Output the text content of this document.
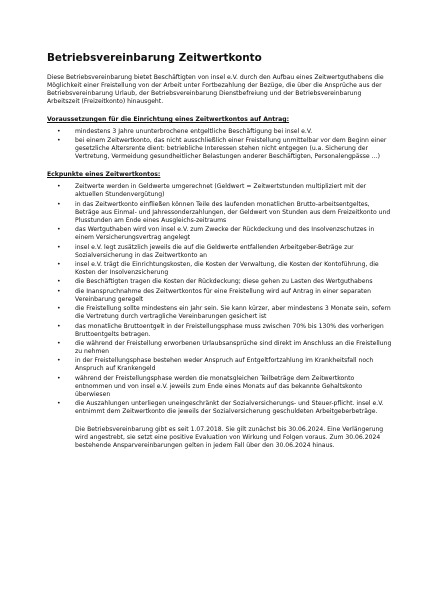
Betriebsvereinbarung Zeitwertkonto
Diese Betriebsvereinbarung bietet Beschäftigten von insel e.V. durch den Aufbau eines Zeitwertguthabens die Möglichkeit einer Freistellung von der Arbeit unter Fortbezahlung der Bezüge, die über die Ansprüche aus der Betriebsvereinbarung Urlaub, der Betriebsvereinbarung Dienstbefreiung und der Betriebsvereinbarung Arbeitszeit (Freizeitkonto) hinausgeht.
Voraussetzungen für die Einrichtung eines Zeitwertkontos auf Antrag:
• mindestens 3 Jahre ununterbrochene entgeltliche Beschäftigung bei insel e.V.
• bei einem Zeitwertkonto, das nicht ausschließlich einer Freistellung unmittelbar vor dem Beginn einer gesetzliche Altersrente dient: betriebliche Interessen stehen nicht entgegen (u.a. Sicherung der Vertretung, Vermeidung gesundheitlicher Belastungen anderer Beschäftigten, Personalengpässe …)
Eckpunkte eines Zeitwertkontos:
• Zeitwerte werden in Geldwerte umgerechnet (Geldwert = Zeitwertstunden multipliziert mit der aktuellen Stundenvergütung)
• in das Zeitwertkonto einfließen können Teile des laufenden monatlichen Brutto-arbeitsentgeltes, Beträge aus Einmal- und Jahressonderzahlungen, der Geldwert von Stunden aus dem Freizeitkonto und Plusstunden am Ende eines Ausgleichs-zeitraums
• das Wertguthaben wird von insel e.V. zum Zwecke der Rückdeckung und des Insolvenzschutzes in einem Versicherungsvertrag angelegt
• insel e.V. legt zusätzlich jeweils die auf die Geldwerte entfallenden Arbeitgeber-Beträge zur Sozialversicherung in das Zeitwertkonto an
• insel e.V. trägt die Einrichtungskosten, die Kosten der Verwaltung, die Kosten der Kontoführung, die Kosten der Insolvenzsicherung
• die Beschäftigten tragen die Kosten der Rückdeckung; diese gehen zu Lasten des Wertguthabens
• die Inanspruchnahme des Zeitwertkontos für eine Freistellung wird auf Antrag in einer separaten Vereinbarung geregelt
• die Freistellung sollte mindestens ein Jahr sein. Sie kann kürzer, aber mindestens 3 Monate sein, sofern die Vertretung durch vertragliche Vereinbarungen gesichert ist
• das monatliche Bruttoentgelt in der Freistellungsphase muss zwischen 70% bis 130% des vorherigen Bruttoentgelts betragen.
• die während der Freistellung erworbenen Urlaubsansprüche sind direkt im Anschluss an die Freistellung zu nehmen
• in der Freistellungsphase bestehen weder Anspruch auf Entgeltfortzahlung im Krankheitsfall noch Anspruch auf Krankengeld
• während der Freistellungsphase werden die monatsgleichen Teilbeträge dem Zeitwertkonto entnommen und von insel e.V. jeweils zum Ende eines Monats auf das bekannte Gehaltskonto überwiesen
• die Auszahlungen unterliegen uneingeschränkt der Sozialversicherungs- und Steuer-pflicht. insel e.V. entnimmt dem Zeitwertkonto die jeweils der Sozialversicherung geschuldeten Arbeitgeberbeträge.
Die Betriebsvereinbarung gibt es seit 1.07.2018. Sie gilt zunächst bis 30.06.2024. Eine Verlängerung wird angestrebt, sie setzt eine positive Evaluation von Wirkung und Folgen voraus. Zum 30.06.2024 bestehende Ansparvereinbarungen gelten in jedem Fall über den 30.06.2024 hinaus.
